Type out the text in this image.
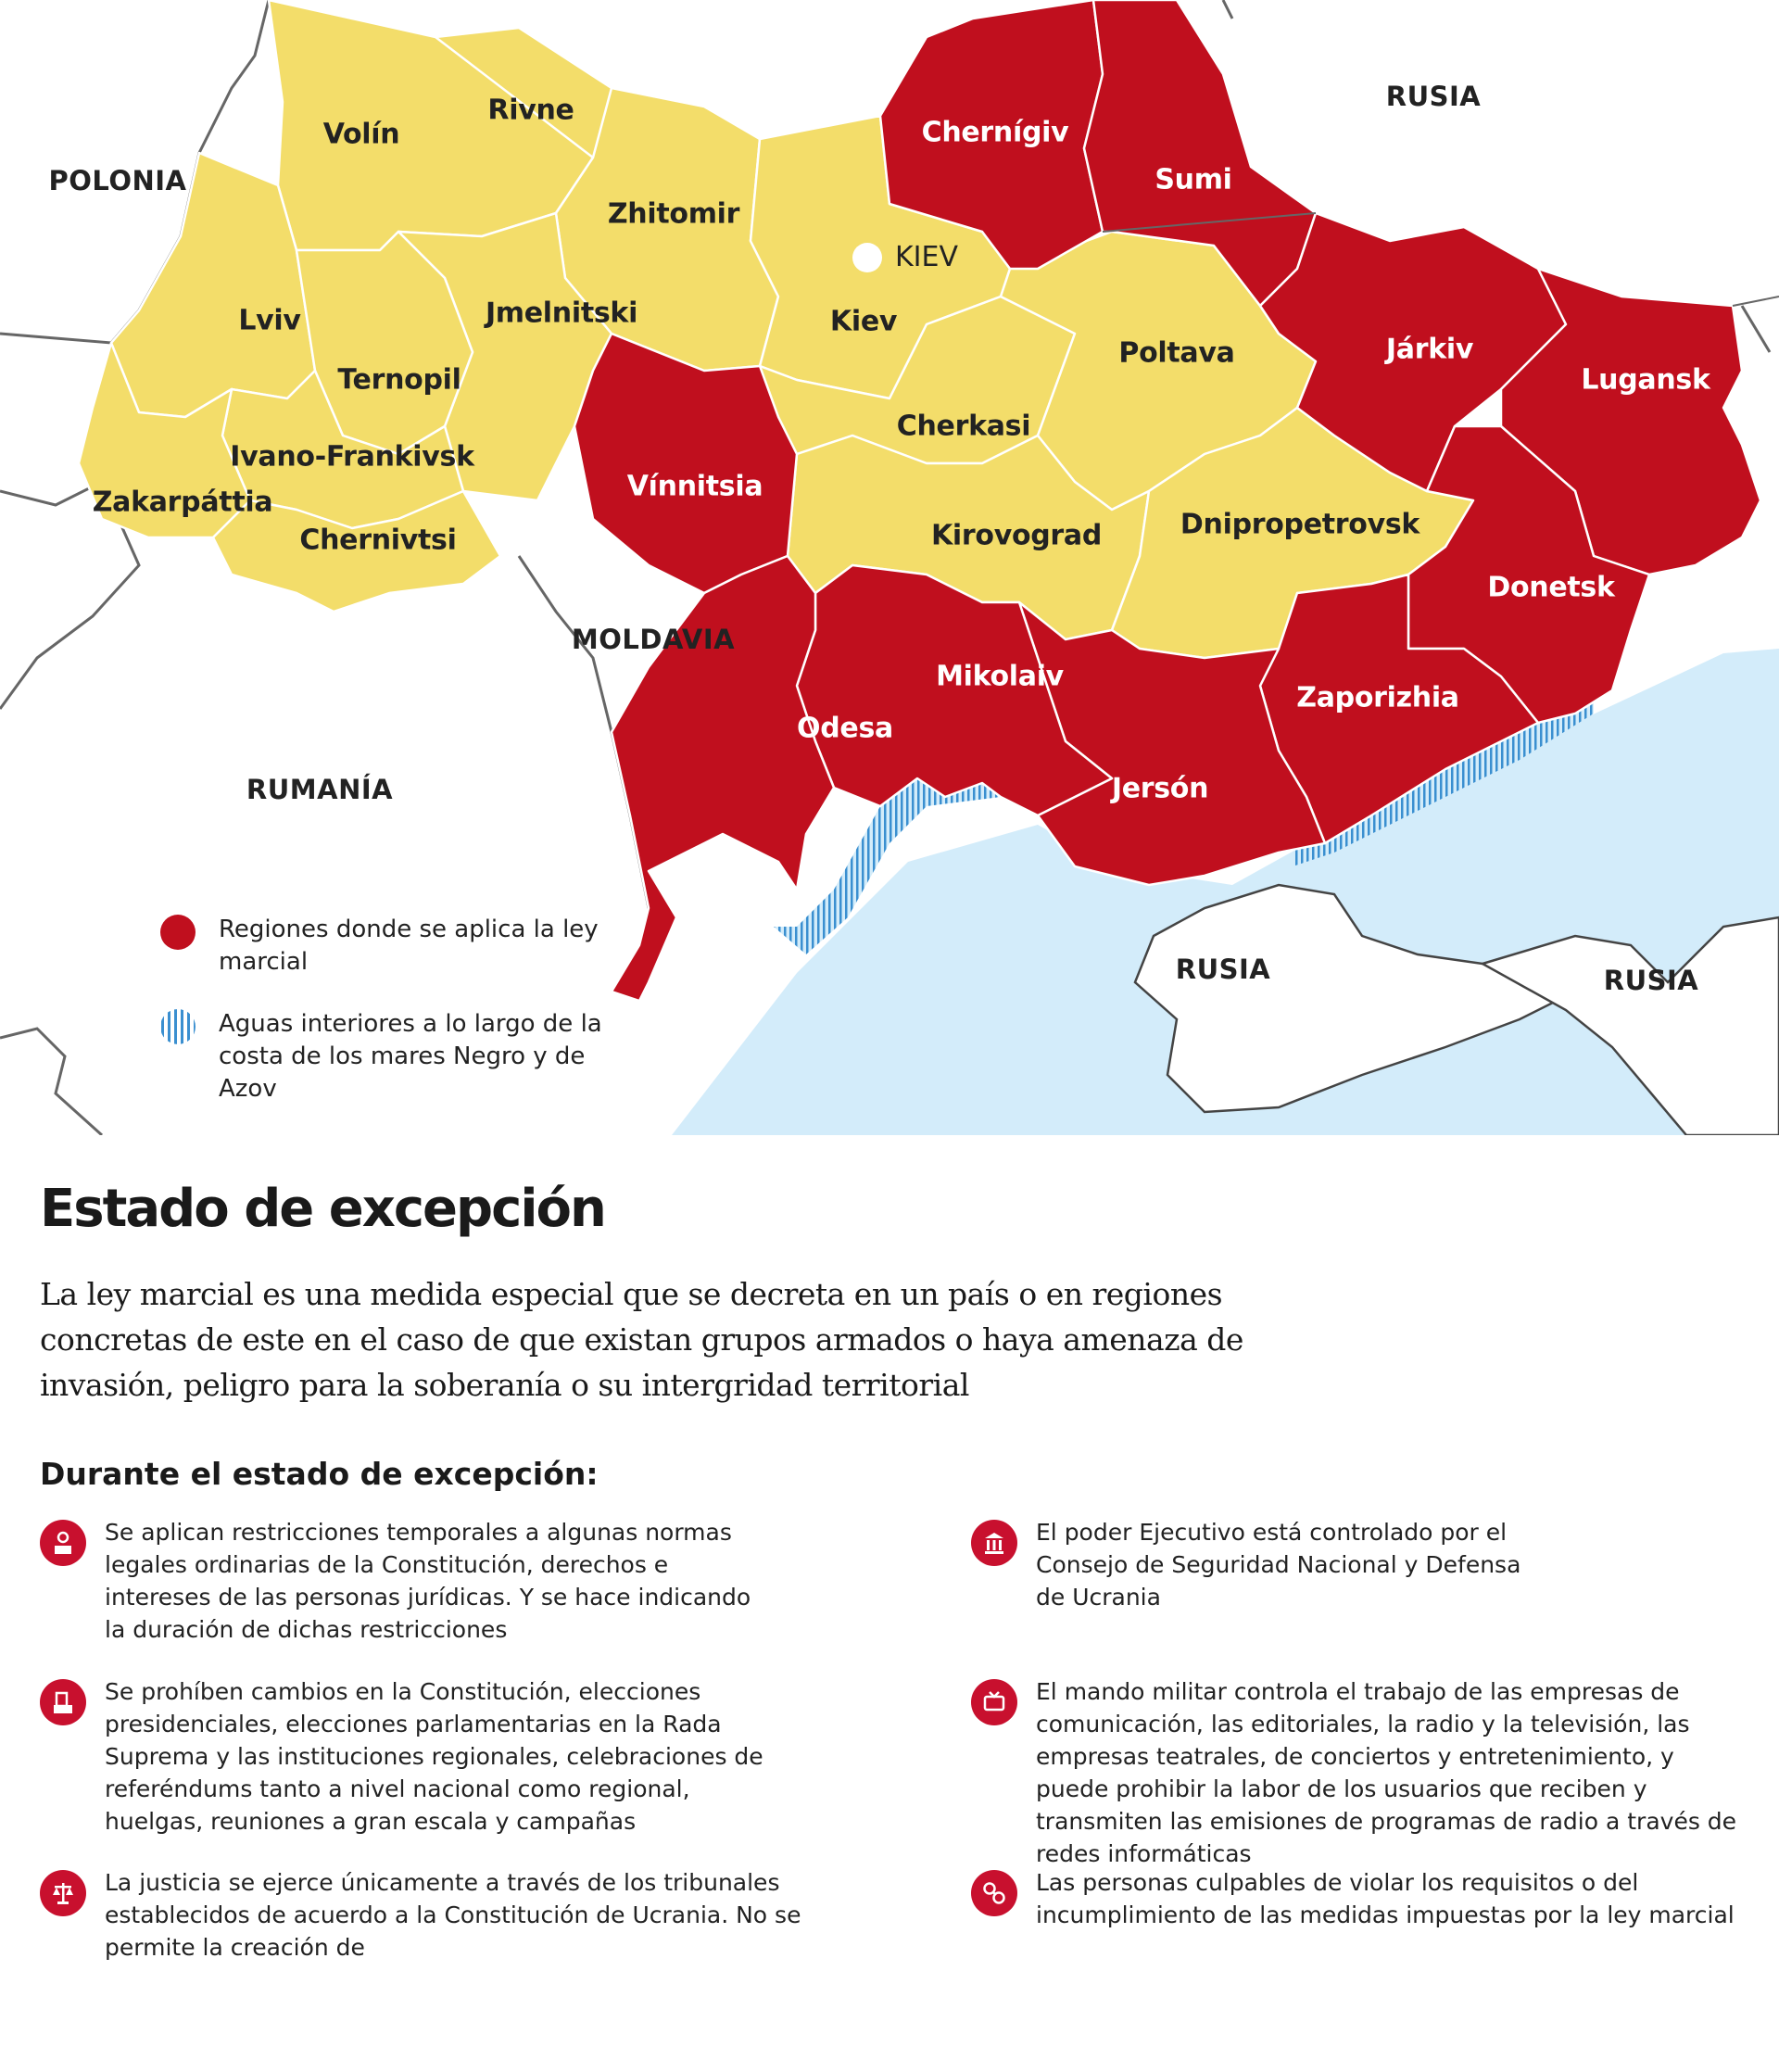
POLONIA
RUSIA
MOLDAVIA
RUMANÍA
RUSIA	RUSIA
KIEV
Volín
Rivne
Zhitomir
Kiev
Chernígiv
Sumi
Lviv	Jmelnitski
Ternopil
Ivano-Frankivsk
Zakarpáttia
Chernivtsi
Vínnitsia
Cherkasi
Poltava	Járkiv
Lugansk
Kirovograd	Dnipropetrovsk
Donetsk
Mikolaiv
Odesa
Zaporizhia
Jersón
Regiones donde se aplica la ley marcial
Aguas interiores a lo largo de la costa de los mares Negro y de Azov
Estado de excepción
La ley marcial es una medida especial que se decreta en un país o en regiones concretas de este en el caso de que existan grupos armados o haya amenaza de invasión, peligro para la soberanía o su intergridad territorial
Durante el estado de excepción:
Se aplican restricciones temporales a algunas normas legales ordinarias de la Constitución, derechos e intereses de las personas jurídicas. Y se hace indicando la duración de dichas restricciones
El poder Ejecutivo está controlado por el Consejo de Seguridad Nacional y Defensa de Ucrania
Se prohíben cambios en la Constitución, elecciones presidenciales, elecciones parlamentarias en la Rada Suprema y las instituciones regionales, celebraciones de referéndums tanto a nivel nacional como regional, huelgas, reuniones a gran escala y campañas
El mando militar controla el trabajo de las empresas de comunicación, las editoriales, la radio y la televisión, las empresas teatrales, de conciertos y entretenimiento, y puede prohibir la labor de los usuarios que reciben y transmiten las emisiones de programas de radio a través de redes informáticas
La justicia se ejerce únicamente a través de los tribunales establecidos de acuerdo a la Constitución de Ucrania. No se permite la creación de
Las personas culpables de violar los requisitos o del incumplimiento de las medidas impuestas por la ley marcial
